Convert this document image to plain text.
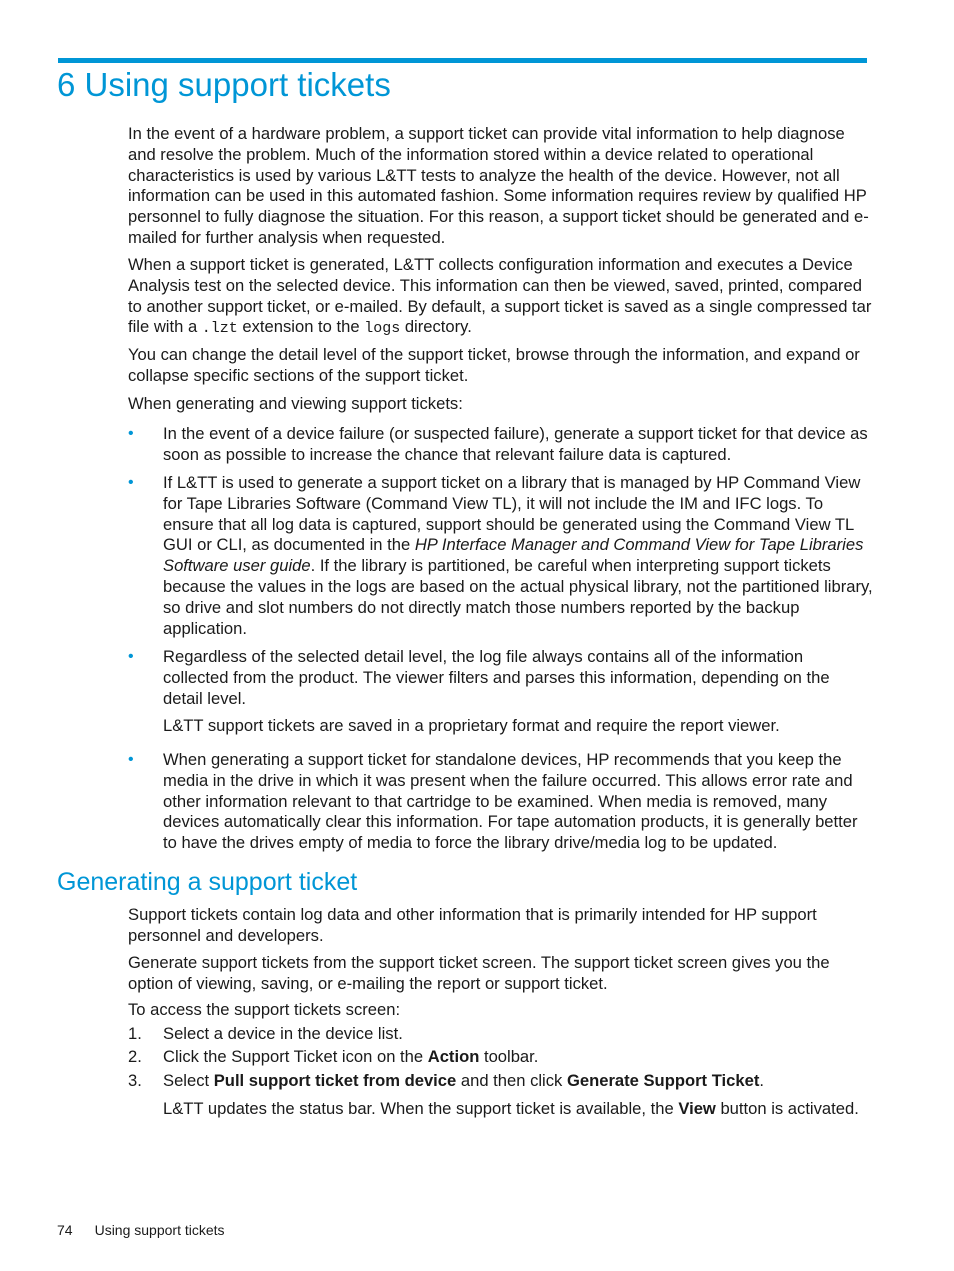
6 Using support tickets

In the event of a hardware problem, a support ticket can provide vital information to help diagnose and resolve the problem. Much of the information stored within a device related to operational characteristics is used by various L&TT tests to analyze the health of the device. However, not all information can be used in this automated fashion. Some information requires review by qualified HP personnel to fully diagnose the situation. For this reason, a support ticket should be generated and e-mailed for further analysis when requested.

When a support ticket is generated, L&TT collects configuration information and executes a Device Analysis test on the selected device. This information can then be viewed, saved, printed, compared to another support ticket, or e-mailed. By default, a support ticket is saved as a single compressed tar file with a .lzt extension to the logs directory.

You can change the detail level of the support ticket, browse through the information, and expand or collapse specific sections of the support ticket.

When generating and viewing support tickets:

• In the event of a device failure (or suspected failure), generate a support ticket for that device as soon as possible to increase the chance that relevant failure data is captured.
• If L&TT is used to generate a support ticket on a library that is managed by HP Command View for Tape Libraries Software (Command View TL), it will not include the IM and IFC logs. To ensure that all log data is captured, support should be generated using the Command View TL GUI or CLI, as documented in the HP Interface Manager and Command View for Tape Libraries Software user guide. If the library is partitioned, be careful when interpreting support tickets because the values in the logs are based on the actual physical library, not the partitioned library, so drive and slot numbers do not directly match those numbers reported by the backup application.
• Regardless of the selected detail level, the log file always contains all of the information collected from the product. The viewer filters and parses this information, depending on the detail level.
L&TT support tickets are saved in a proprietary format and require the report viewer.
• When generating a support ticket for standalone devices, HP recommends that you keep the media in the drive in which it was present when the failure occurred. This allows error rate and other information relevant to that cartridge to be examined. When media is removed, many devices automatically clear this information. For tape automation products, it is generally better to have the drives empty of media to force the library drive/media log to be updated.
Generating a support ticket

Support tickets contain log data and other information that is primarily intended for HP support personnel and developers.

Generate support tickets from the support ticket screen. The support ticket screen gives you the option of viewing, saving, or e-mailing the report or support ticket.

To access the support tickets screen:

1. Select a device in the device list.
2. Click the Support Ticket icon on the Action toolbar.
3. Select Pull support ticket from device and then click Generate Support Ticket.
L&TT updates the status bar. When the support ticket is available, the View button is activated.
74 Using support tickets
